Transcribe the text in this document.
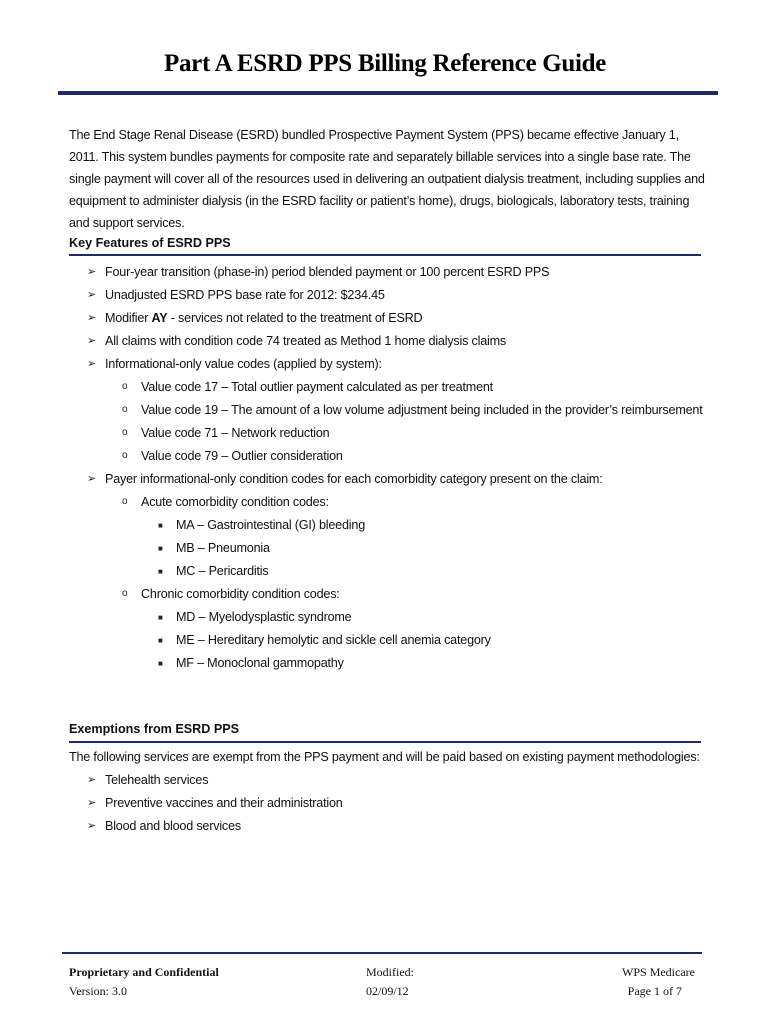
Part A ESRD PPS Billing Reference Guide
The End Stage Renal Disease (ESRD) bundled Prospective Payment System (PPS) became effective January 1, 2011. This system bundles payments for composite rate and separately billable services into a single base rate. The single payment will cover all of the resources used in delivering an outpatient dialysis treatment, including supplies and equipment to administer dialysis (in the ESRD facility or patient’s home), drugs, biologicals, laboratory tests, training and support services.
Key Features of ESRD PPS
➢ Four-year transition (phase-in) period blended payment or 100 percent ESRD PPS
➢ Unadjusted ESRD PPS base rate for 2012: $234.45
➢ Modifier AY - services not related to the treatment of ESRD
➢ All claims with condition code 74 treated as Method 1 home dialysis claims
➢ Informational-only value codes (applied by system):
o Value code 17 – Total outlier payment calculated as per treatment
o Value code 19 – The amount of a low volume adjustment being included in the provider’s reimbursement
o Value code 71 – Network reduction
o Value code 79 – Outlier consideration
➢ Payer informational-only condition codes for each comorbidity category present on the claim:
o Acute comorbidity condition codes:
■ MA – Gastrointestinal (GI) bleeding
■ MB – Pneumonia
■ MC – Pericarditis
o Chronic comorbidity condition codes:
■ MD – Myelodysplastic syndrome
■ ME – Hereditary hemolytic and sickle cell anemia category
■ MF – Monoclonal gammopathy
Exemptions from ESRD PPS
The following services are exempt from the PPS payment and will be paid based on existing payment methodologies:
➢ Telehealth services
➢ Preventive vaccines and their administration
➢ Blood and blood services
Proprietary and Confidential
Version: 3.0
Modified:
02/09/12
WPS Medicare
Page 1 of 7
